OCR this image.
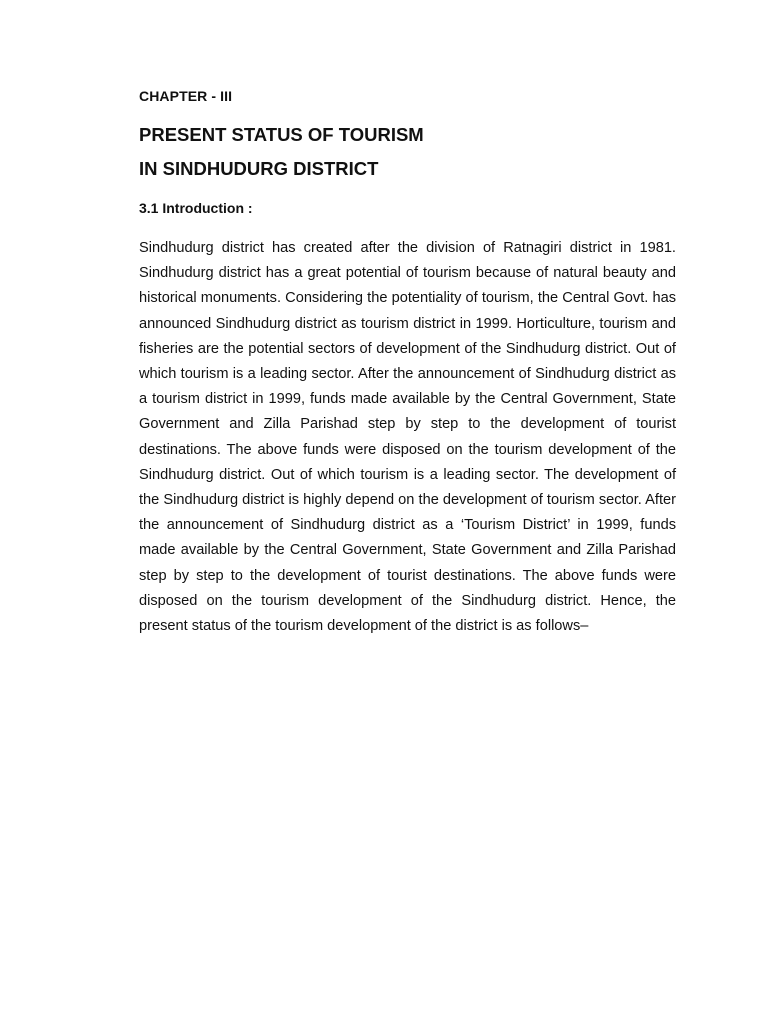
CHAPTER - III
PRESENT STATUS OF TOURISM
IN SINDHUDURG DISTRICT
3.1 Introduction :

Sindhudurg district has created after the division of Ratnagiri district in 1981. Sindhudurg district has a great potential of tourism because of natural beauty and historical monuments. Considering the potentiality of tourism, the Central Govt. has announced Sindhudurg district as tourism district in 1999. Horticulture, tourism and fisheries are the potential sectors of development of the Sindhudurg district. Out of which tourism is a leading sector. After the announcement of Sindhudurg district as a tourism district in 1999, funds made available by the Central Government, State Government and Zilla Parishad step by step to the development of tourist destinations. The above funds were disposed on the tourism development of the Sindhudurg district. Out of which tourism is a leading sector. The development of the Sindhudurg district is highly depend on the development of tourism sector. After the announcement of Sindhudurg district as a ‘Tourism District’ in 1999, funds made available by the Central Government, State Government and Zilla Parishad step by step to the development of tourist destinations. The above funds were disposed on the tourism development of the Sindhudurg district. Hence, the present status of the tourism development of the district is as follows–
